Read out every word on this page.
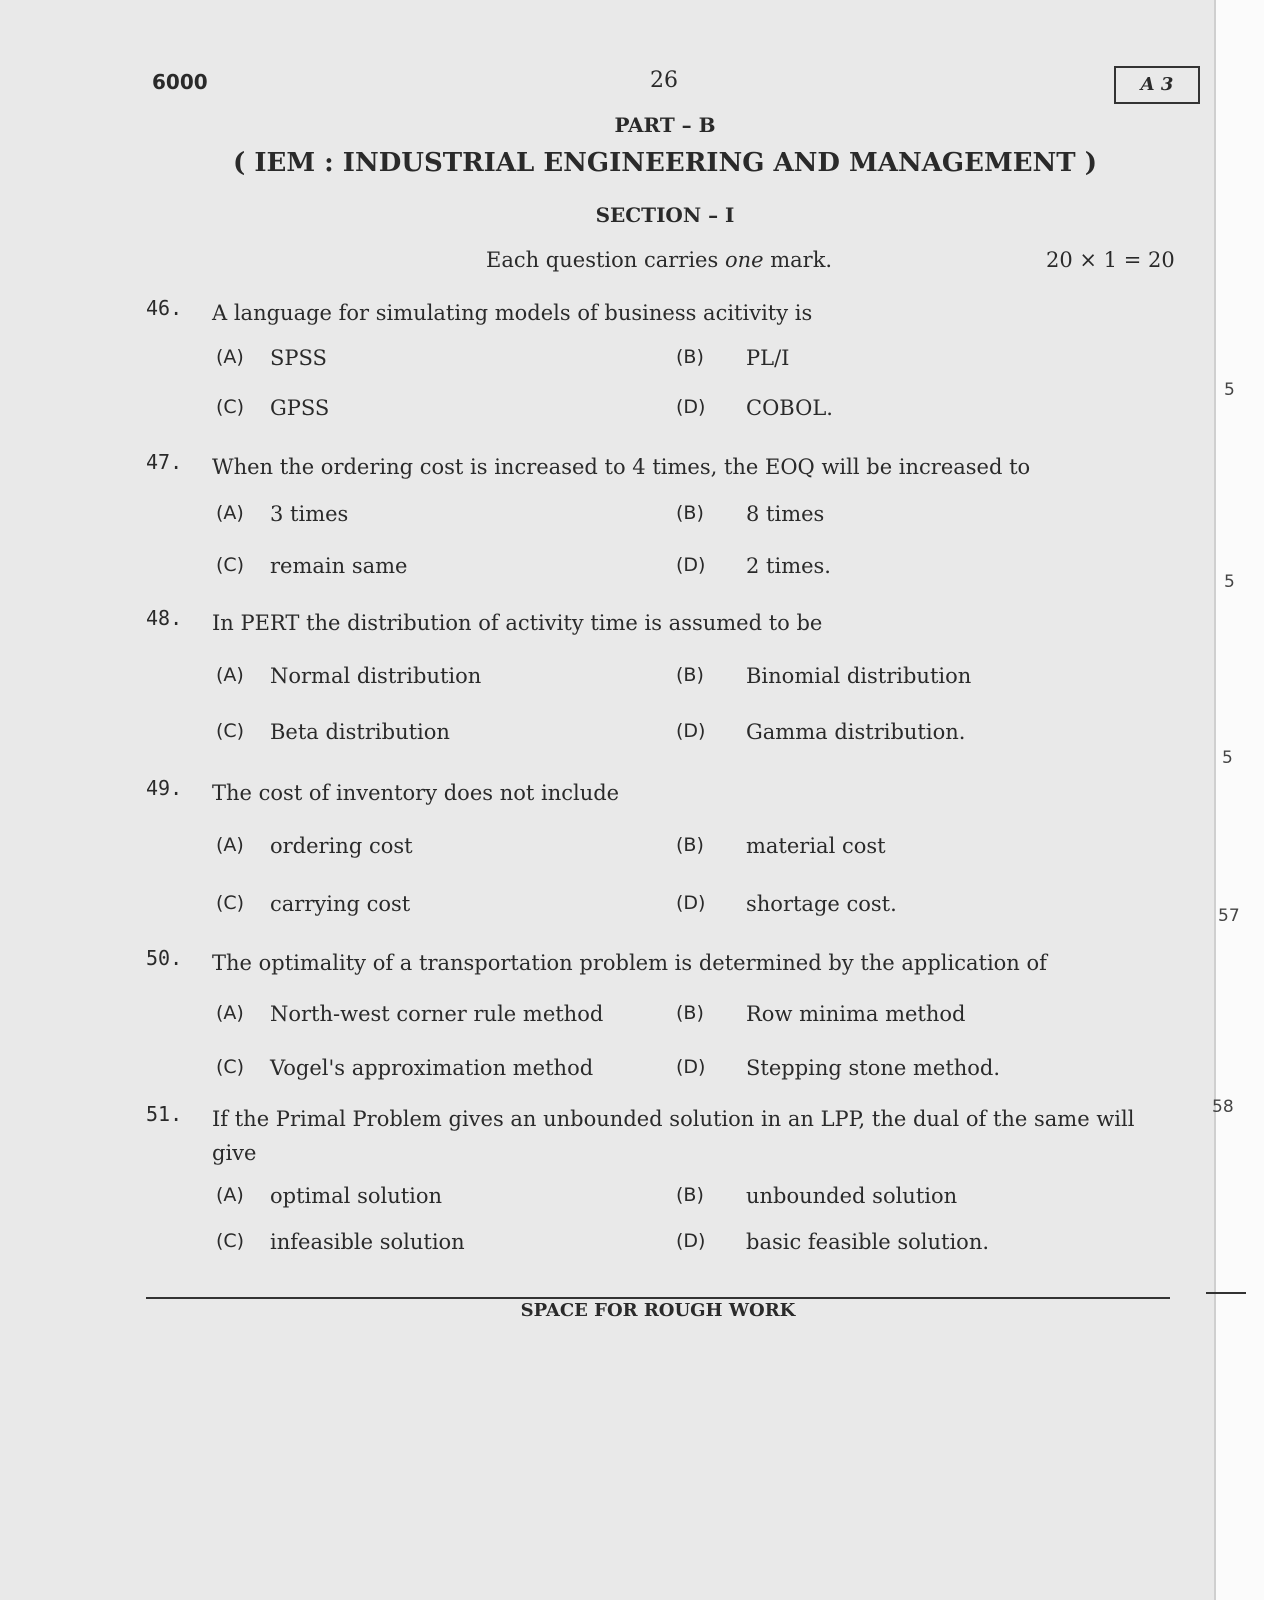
5
5
5
57
58
6000	26	A 3
PART – B
( IEM : INDUSTRIAL ENGINEERING AND MANAGEMENT )
SECTION – I
Each question carries one mark.	20 × 1 = 20
46. A language for simulating models of business acitivity is
(A) SPSS	(B) PL/I
(C) GPSS	(D) COBOL.
47. When the ordering cost is increased to 4 times, the EOQ will be increased to
(A) 3 times	(B) 8 times
(C) remain same	(D) 2 times.
48. In PERT the distribution of activity time is assumed to be
(A) Normal distribution	(B) Binomial distribution
(C) Beta distribution	(D) Gamma distribution.
49. The cost of inventory does not include
(A) ordering cost	(B) material cost
(C) carrying cost	(D) shortage cost.
50. The optimality of a transportation problem is determined by the application of
(A) North-west corner rule method	(B) Row minima method
(C) Vogel's approximation method	(D) Stepping stone method.
51. If the Primal Problem gives an unbounded solution in an LPP, the dual of the same will give
(A) optimal solution	(B) unbounded solution
(C) infeasible solution	(D) basic feasible solution.
SPACE FOR ROUGH WORK
